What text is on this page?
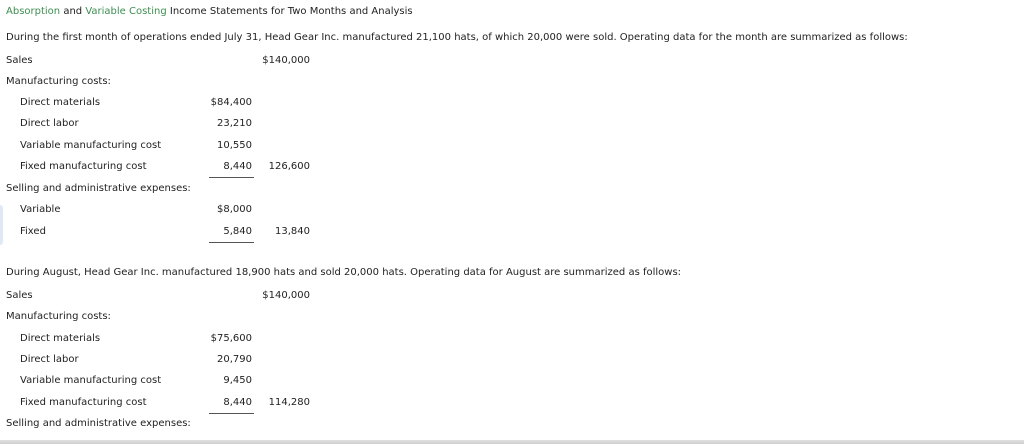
Absorption and Variable Costing Income Statements for Two Months and Analysis
During the first month of operations ended July 31, Head Gear Inc. manufactured 21,100 hats, of which 20,000 were sold. Operating data for the month are summarized as follows:
Sales	$140,000
Manufacturing costs:
Direct materials	$84,400
Direct labor	23,210
Variable manufacturing cost	10,550
Fixed manufacturing cost	8,440	126,600
Selling and administrative expenses:
Variable	$8,000
Fixed	5,840	13,840
During August, Head Gear Inc. manufactured 18,900 hats and sold 20,000 hats. Operating data for August are summarized as follows:
Sales	$140,000
Manufacturing costs:
Direct materials	$75,600
Direct labor	20,790
Variable manufacturing cost	9,450
Fixed manufacturing cost	8,440	114,280
Selling and administrative expenses:
